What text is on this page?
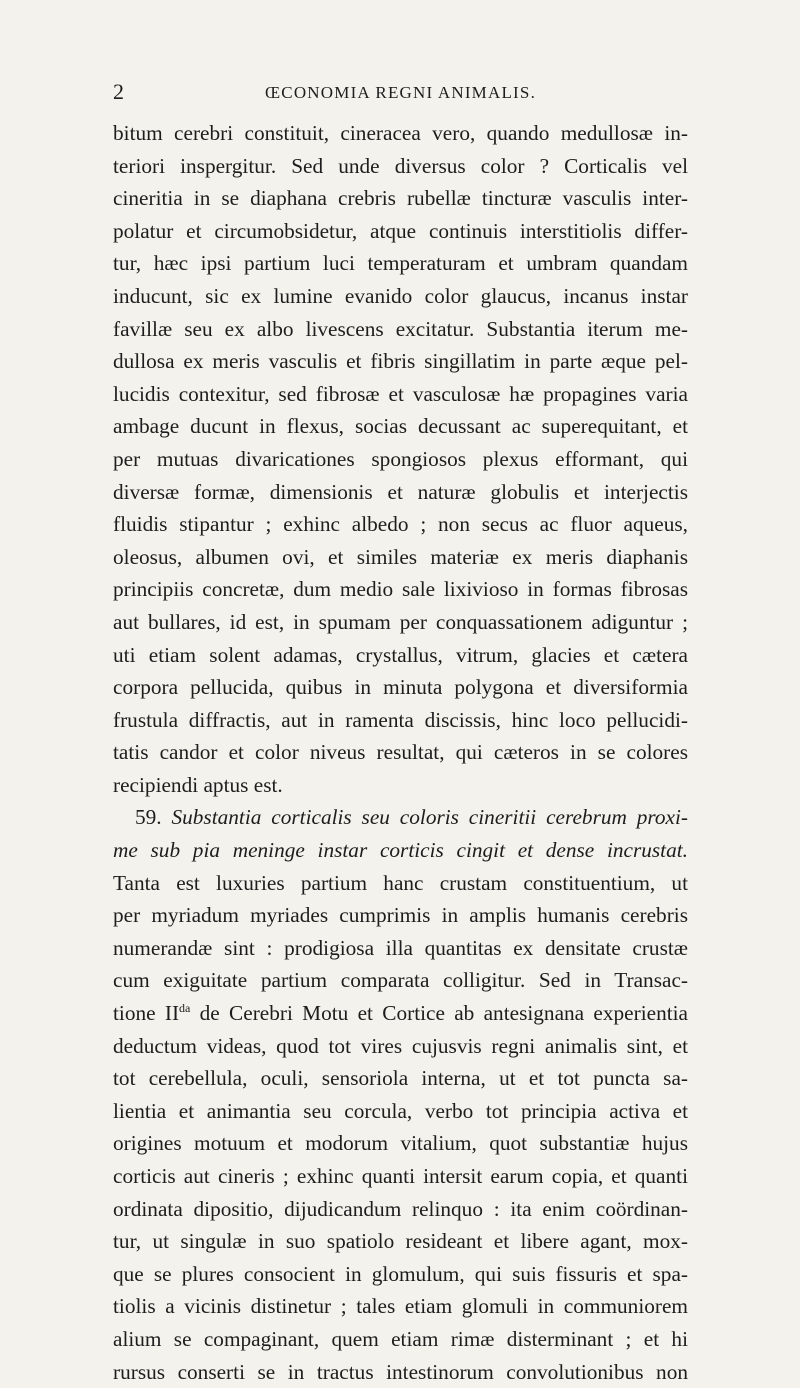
2	ŒCONOMIA REGNI ANIMALIS.
bitum cerebri constituit, cineracea vero, quando medullosæ in-
teriori inspergitur. Sed unde diversus color ? Corticalis vel
cineritia in se diaphana crebris rubellæ tincturæ vasculis inter-
polatur et circumobsidetur, atque continuis interstitiolis differ-
tur, hæc ipsi partium luci temperaturam et umbram quandam
inducunt, sic ex lumine evanido color glaucus, incanus instar
favillæ seu ex albo livescens excitatur. Substantia iterum me-
dullosa ex meris vasculis et fibris singillatim in parte æque pel-
lucidis contexitur, sed fibrosæ et vasculosæ hæ propagines varia
ambage ducunt in flexus, socias decussant ac superequitant, et
per mutuas divaricationes spongiosos plexus efformant, qui
diversæ formæ, dimensionis et naturæ globulis et interjectis
fluidis stipantur ; exhinc albedo ; non secus ac fluor aqueus,
oleosus, albumen ovi, et similes materiæ ex meris diaphanis
principiis concretæ, dum medio sale lixivioso in formas fibrosas
aut bullares, id est, in spumam per conquassationem adiguntur ;
uti etiam solent adamas, crystallus, vitrum, glacies et cætera
corpora pellucida, quibus in minuta polygona et diversiformia
frustula diffractis, aut in ramenta discissis, hinc loco pellucidi-
tatis candor et color niveus resultat, qui cæteros in se colores
recipiendi aptus est.
59. Substantia corticalis seu coloris cineritii cerebrum proxi-
me sub pia meninge instar corticis cingit et dense incrustat.
Tanta est luxuries partium hanc crustam constituentium, ut
per myriadum myriades cumprimis in amplis humanis cerebris
numerandæ sint : prodigiosa illa quantitas ex densitate crustæ
cum exiguitate partium comparata colligitur. Sed in Transac-
tione $II^{da}$ de Cerebri Motu et Cortice ab antesignana experientia
deductum videas, quod tot vires cujusvis regni animalis sint, et
tot cerebellula, oculi, sensoriola interna, ut et tot puncta sa-
lientia et animantia seu corcula, verbo tot principia activa et
origines motuum et modorum vitalium, quot substantiæ hujus
corticis aut cineris ; exhinc quanti intersit earum copia, et quanti
ordinata dipositio, dijudicandum relinquo : ita enim coördinan-
tur, ut singulæ in suo spatiolo resideant et libere agant, mox-
que se plures consocient in glomulum, qui suis fissuris et spa-
tiolis a vicinis distinetur ; tales etiam glomuli in communiorem
alium se compaginant, quem etiam rimæ disterminant ; et hi
rursus conserti se in tractus intestinorum convolutionibus non
